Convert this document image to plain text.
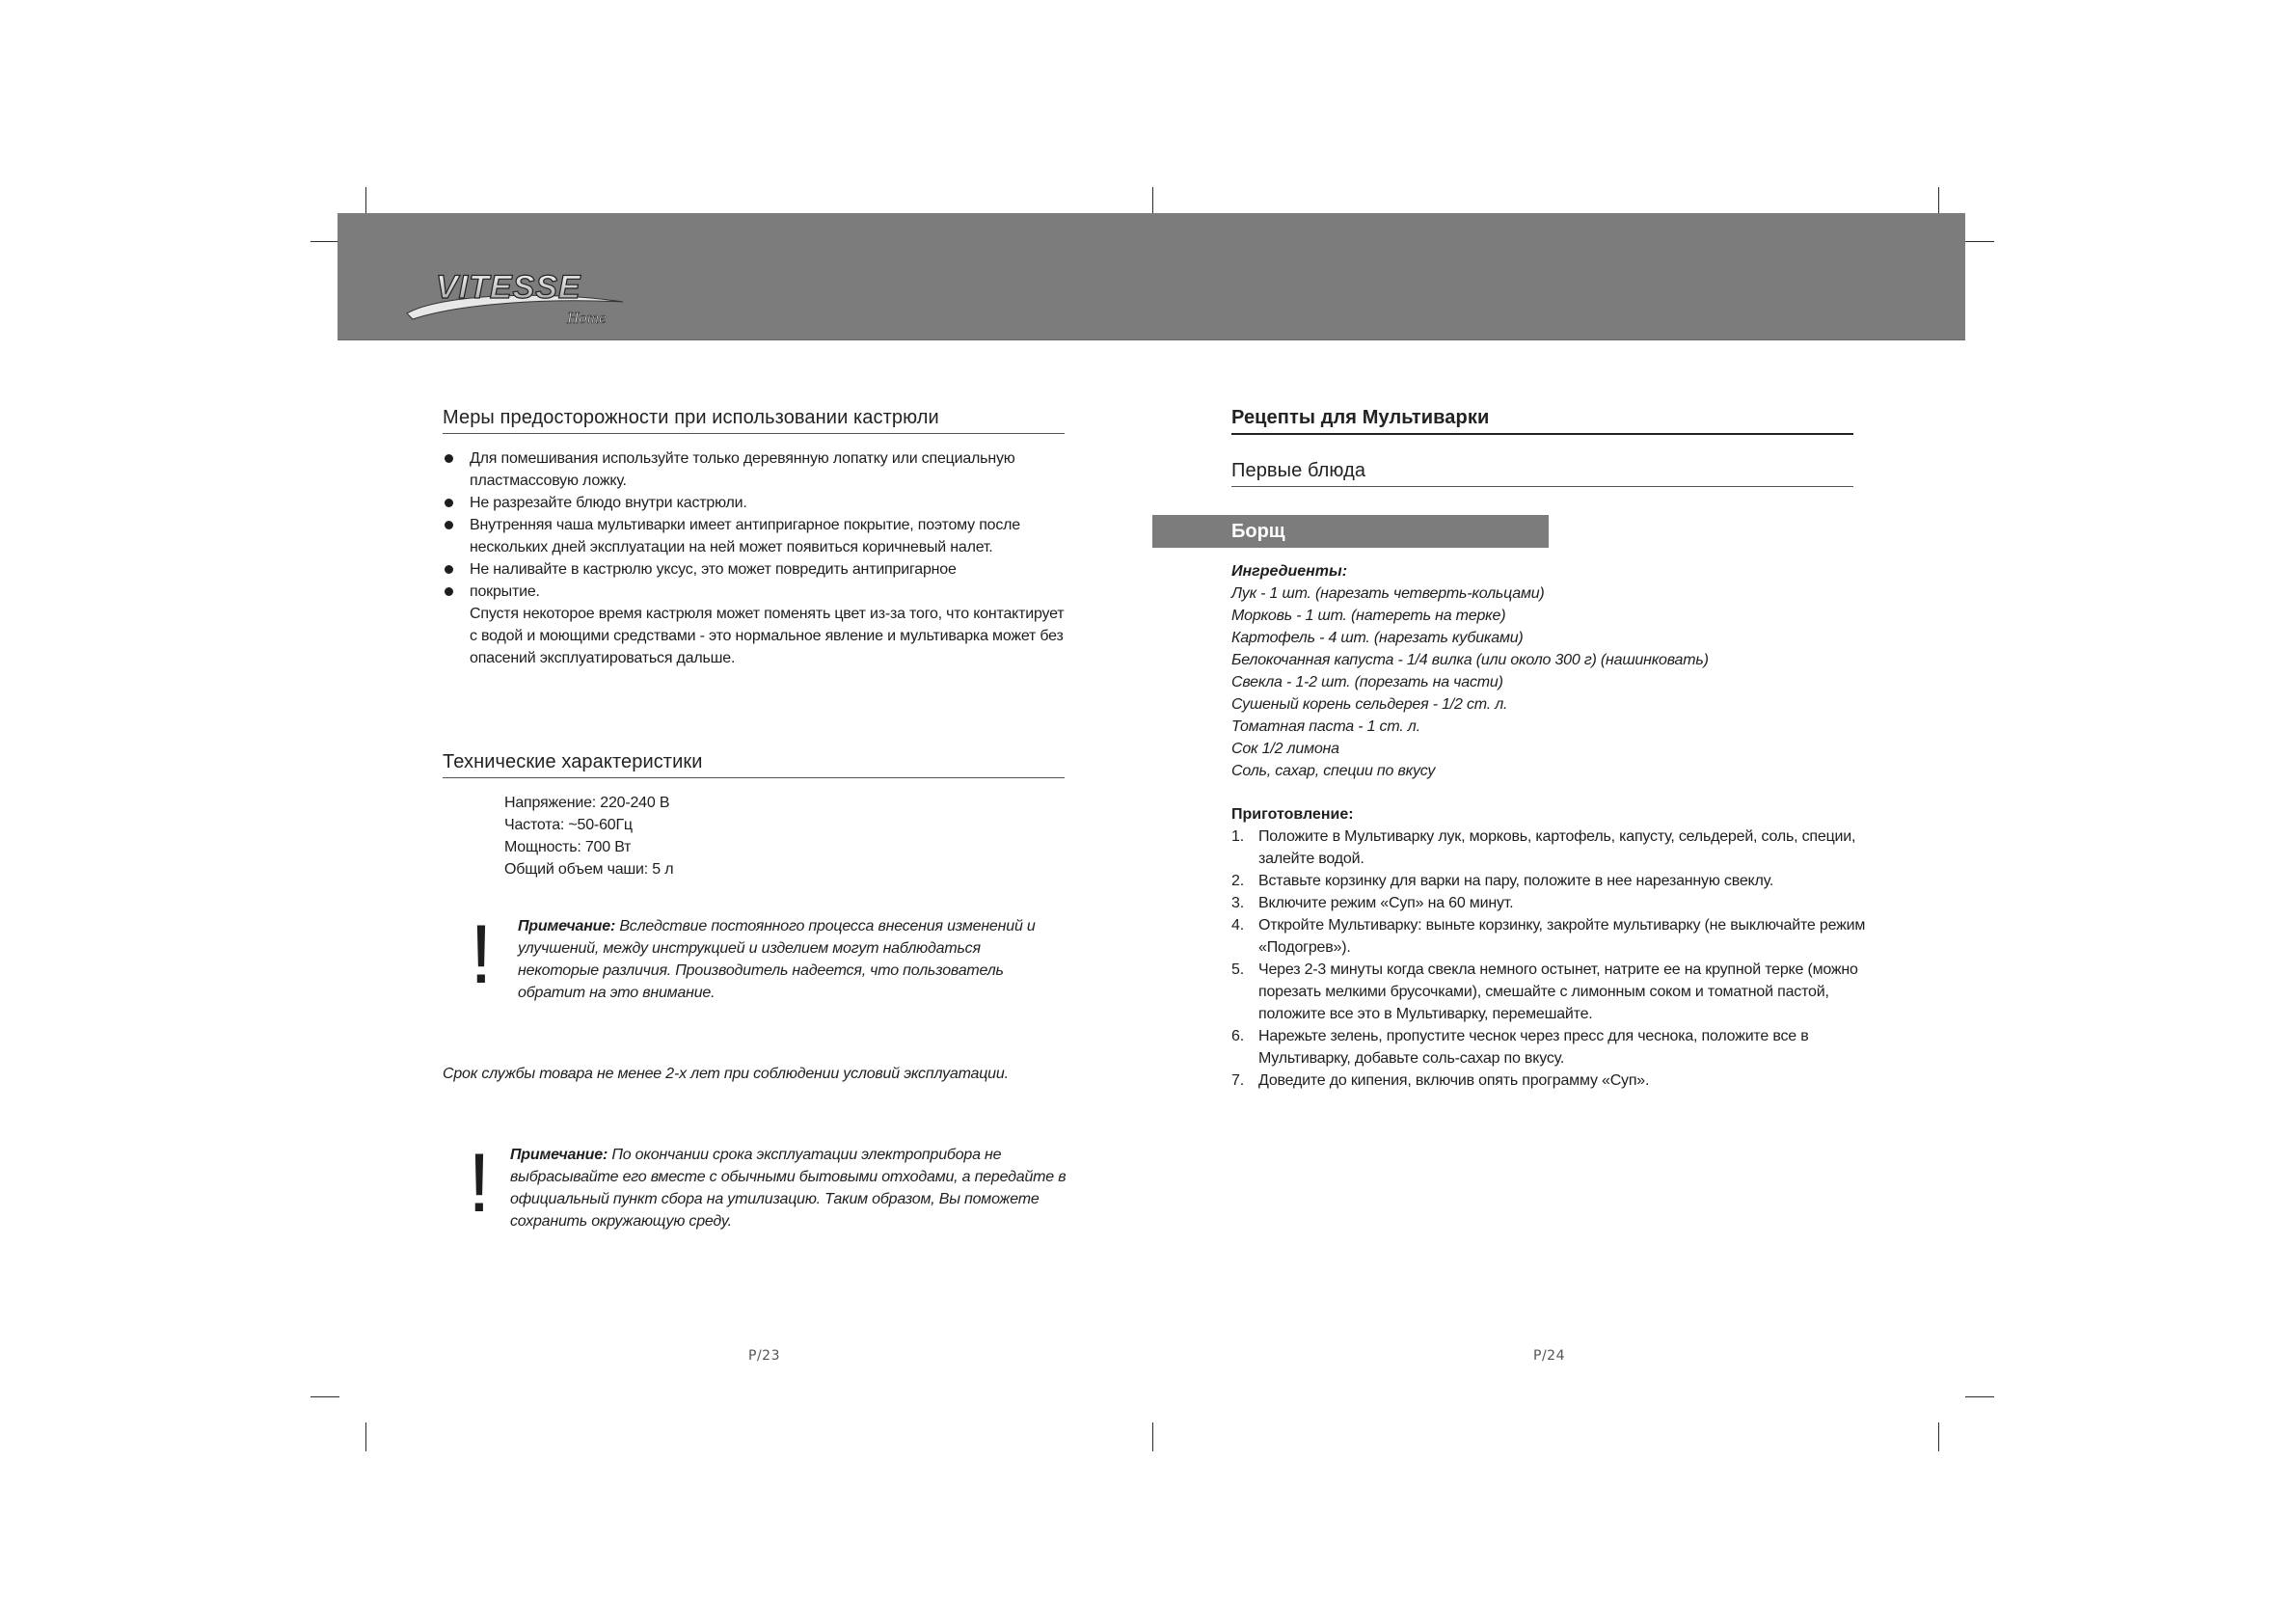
VITESSE
Home
Меры предосторожности при использовании кастрюли
Для помешивания используйте только деревянную лопатку или специальную пластмассовую ложку.
Не разрезайте блюдо внутри кастрюли.
Внутренняя чаша мультиварки имеет антипригарное покрытие, поэтому после нескольких дней эксплуатации на ней может появиться коричневый налет.
Не наливайте в кастрюлю уксус, это может повредить антипригарное
покрытие.
Спустя некоторое время кастрюля может поменять цвет из-за того, что контактирует с водой и моющими средствами - это нормальное явление и мультиварка может без опасений эксплуатироваться дальше.
Технические характеристики
Напряжение: 220-240 В
Частота: ~50-60Гц
Мощность: 700 Вт
Общий объем чаши: 5 л
! Примечание: Вследствие постоянного процесса внесения изменений и улучшений, между инструкцией и изделием могут наблюдаться некоторые различия. Производитель надеется, что пользователь обратит на это внимание.
Срок службы товара не менее 2-х лет при соблюдении условий эксплуатации.
! Примечание: По окончании срока эксплуатации электроприбора не выбрасывайте его вместе с обычными бытовыми отходами, а передайте в официальный пункт сбора на утилизацию. Таким образом, Вы поможете сохранить окружающую среду.
P/23
Рецепты для Мультиварки
Первые блюда
Борщ
Ингредиенты:
Лук - 1 шт. (нарезать четверть-кольцами)
Морковь - 1 шт. (натереть на терке)
Картофель - 4 шт. (нарезать кубиками)
Белокочанная капуста - 1/4 вилка (или около 300 г) (нашинковать)
Свекла - 1-2 шт. (порезать на части)
Сушеный корень сельдерея - 1/2 ст. л.
Томатная паста - 1 ст. л.
Сок 1/2 лимона
Соль, сахар, специи по вкусу
Приготовление:
1. Положите в Мультиварку лук, морковь, картофель, капусту, сельдерей, соль, специи, залейте водой.
2. Вставьте корзинку для варки на пару, положите в нее нарезанную свеклу.
3. Включите режим «Суп» на 60 минут.
4. Откройте Мультиварку: выньте корзинку, закройте мультиварку (не выключайте режим «Подогрев»).
5. Через 2-3 минуты когда свекла немного остынет, натрите ее на крупной терке (можно порезать мелкими брусочками), смешайте с лимонным соком и томатной пастой, положите все это в Мультиварку, перемешайте.
6. Нарежьте зелень, пропустите чеснок через пресс для чеснока, положите все в Мультиварку, добавьте соль-сахар по вкусу.
7. Доведите до кипения, включив опять программу «Суп».
P/24
